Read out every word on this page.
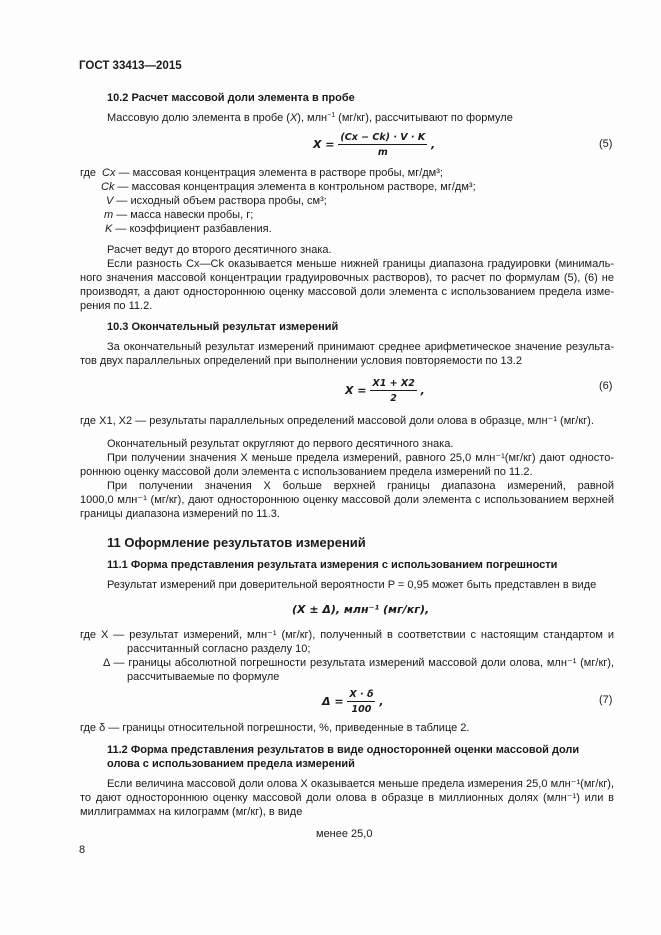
ГОСТ 33413—2015
10.2 Расчет массовой доли элемента в пробе
Массовую долю элемента в пробе (X), млн$^{-1}$ (мг/кг), рассчитывают по формуле
$X = \frac{(Cx - Ck) \cdot V \cdot K}{m}$ ,	(5)
где Cx — массовая концентрация элемента в растворе пробы, мг/дм³;
Ck — массовая концентрация элемента в контрольном растворе, мг/дм³;
V — исходный объем раствора пробы, см³;
m — масса навески пробы, г;
K — коэффициент разбавления.
Расчет ведут до второго десятичного знака.
Если разность Cx—Ck оказывается меньше нижней границы диапазона градуировки (минималь-
ного значения массовой концентрации градуировочных растворов), то расчет по формулам (5), (6) не
производят, а дают одностороннюю оценку массовой доли элемента с использованием предела изме-
рения по 11.2.
10.3 Окончательный результат измерений
За окончательный результат измерений принимают среднее арифметическое значение результа-
тов двух параллельных определений при выполнении условия повторяемости по 13.2
$X = \frac{X1 + X2}{2}$ ,	(6)
где X1, X2 — результаты параллельных определений массовой доли олова в образце, млн⁻¹ (мг/кг).
Окончательный результат округляют до первого десятичного знака.
При получении значения X меньше предела измерений, равного 25,0 млн⁻¹(мг/кг) дают односто-
роннюю оценку массовой доли элемента с использованием предела измерений по 11.2.
При получении значения X больше верхней границы диапазона измерений, равной
1000,0 млн⁻¹ (мг/кг), дают одностороннюю оценку массовой доли элемента с использованием верхней
границы диапазона измерений по 11.3.
11 Оформление результатов измерений
11.1 Форма представления результата измерения с использованием погрешности
Результат измерений при доверительной вероятности P = 0,95 может быть представлен в виде
(X ± Δ), млн⁻¹ (мг/кг),
где X — результат измерений, млн⁻¹ (мг/кг), полученный в соответствии с настоящим стандартом и
рассчитанный согласно разделу 10;
Δ — границы абсолютной погрешности результата измерений массовой доли олова, млн⁻¹ (мг/кг),
рассчитываемые по формуле
$\Delta = \frac{X \cdot \delta}{100}$ ,	(7)
где δ — границы относительной погрешности, %, приведенные в таблице 2.
11.2 Форма представления результатов в виде односторонней оценки массовой доли
олова с использованием предела измерений
Если величина массовой доли олова X оказывается меньше предела измерения 25,0 млн⁻¹(мг/кг),
то дают одностороннюю оценку массовой доли олова в образце в миллионных долях (млн⁻¹) или в
миллиграммах на килограмм (мг/кг), в виде
менее 25,0
8
